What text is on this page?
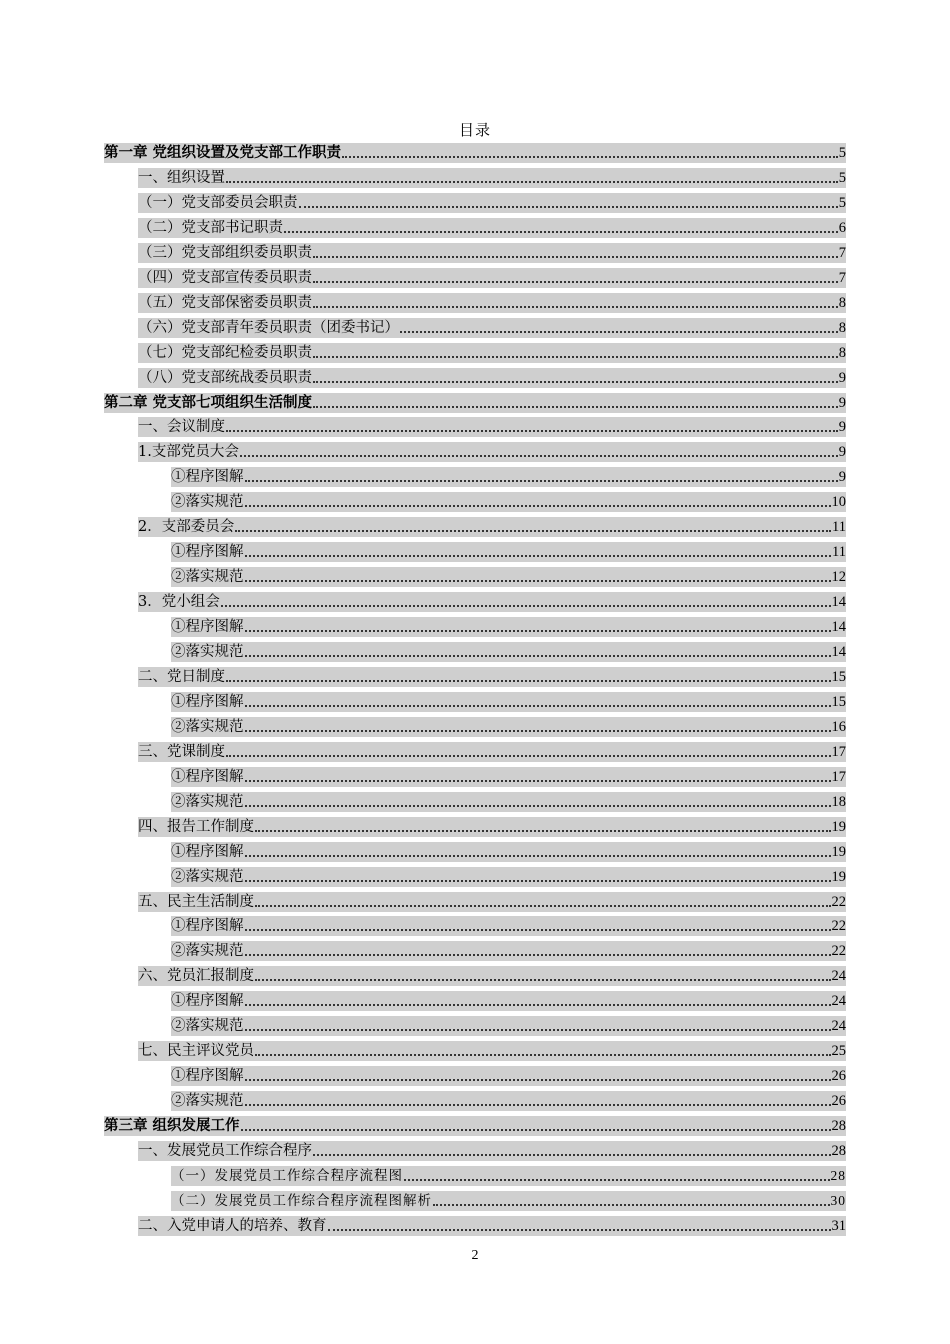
目录
第一章 党组织设置及党支部工作职责	5
一、组织设置	5
（一）党支部委员会职责	5
（二）党支部书记职责	6
（三）党支部组织委员职责	7
（四）党支部宣传委员职责	7
（五）党支部保密委员职责	8
（六）党支部青年委员职责（团委书记）	8
（七）党支部纪检委员职责	8
（八）党支部统战委员职责	9
第二章 党支部七项组织生活制度	9
一、会议制度	9
1.支部党员大会	9
①程序图解	9
②落实规范	10
2．支部委员会	11
①程序图解	11
②落实规范	12
3．党小组会	14
①程序图解	14
②落实规范	14
二、党日制度	15
①程序图解	15
②落实规范	16
三、党课制度	17
①程序图解	17
②落实规范	18
四、报告工作制度	19
①程序图解	19
②落实规范	19
五、民主生活制度	22
①程序图解	22
②落实规范	22
六、党员汇报制度	24
①程序图解	24
②落实规范	24
七、民主评议党员	25
①程序图解	26
②落实规范	26
第三章 组织发展工作	28
一、发展党员工作综合程序	28
（一）发展党员工作综合程序流程图	28
（二）发展党员工作综合程序流程图解析	30
二、入党申请人的培养、教育	31
2
